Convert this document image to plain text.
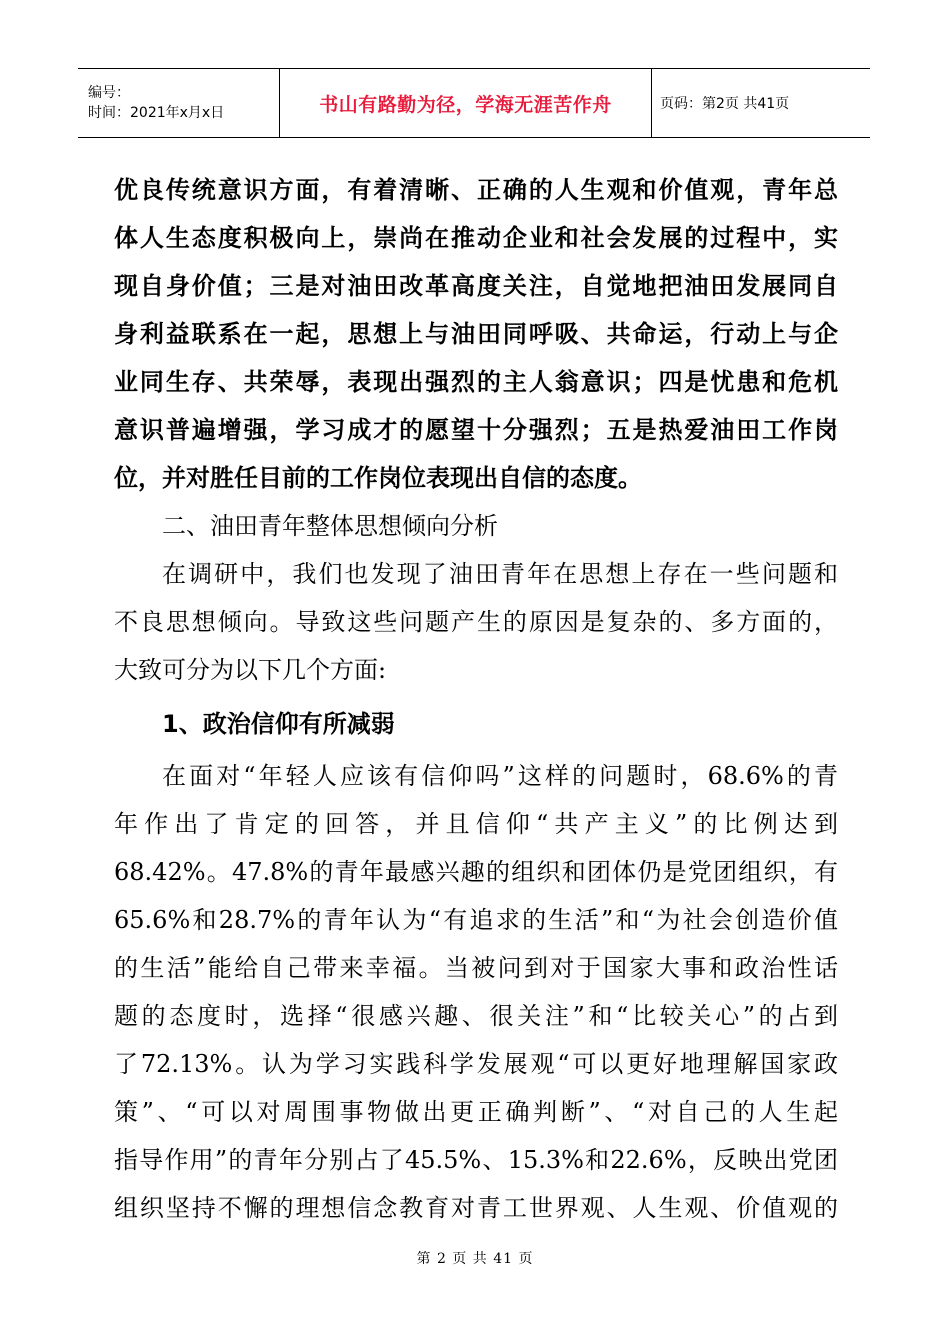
编号：
时间：2021年x月x日	书山有路勤为径，学海无涯苦作舟	页码：第2页 共41页
优良传统意识方面，有着清晰、正确的人生观和价值观，青年总
体人生态度积极向上，崇尚在推动企业和社会发展的过程中，实
现自身价值；三是对油田改革高度关注，自觉地把油田发展同自
身利益联系在一起，思想上与油田同呼吸、共命运，行动上与企
业同生存、共荣辱，表现出强烈的主人翁意识；四是忧患和危机
意识普遍增强，学习成才的愿望十分强烈；五是热爱油田工作岗
位，并对胜任目前的工作岗位表现出自信的态度。
二、油田青年整体思想倾向分析
在调研中，我们也发现了油田青年在思想上存在一些问题和
不良思想倾向。导致这些问题产生的原因是复杂的、多方面的，
大致可分为以下几个方面:
1、政治信仰有所减弱
在面对“年轻人应该有信仰吗”这样的问题时，68.6%的青
年作出了肯定的回答，并且信仰“共产主义”的比例达到
68.42%。47.8%的青年最感兴趣的组织和团体仍是党团组织，有
65.6%和28.7%的青年认为“有追求的生活”和“为社会创造价值
的生活”能给自己带来幸福。当被问到对于国家大事和政治性话
题的态度时，选择“很感兴趣、很关注”和“比较关心”的占到
了72.13%。认为学习实践科学发展观“可以更好地理解国家政
策”、“可以对周围事物做出更正确判断”、“对自己的人生起
指导作用”的青年分别占了45.5%、15.3%和22.6%，反映出党团
组织坚持不懈的理想信念教育对青工世界观、人生观、价值观的
第 2 页 共 41 页
